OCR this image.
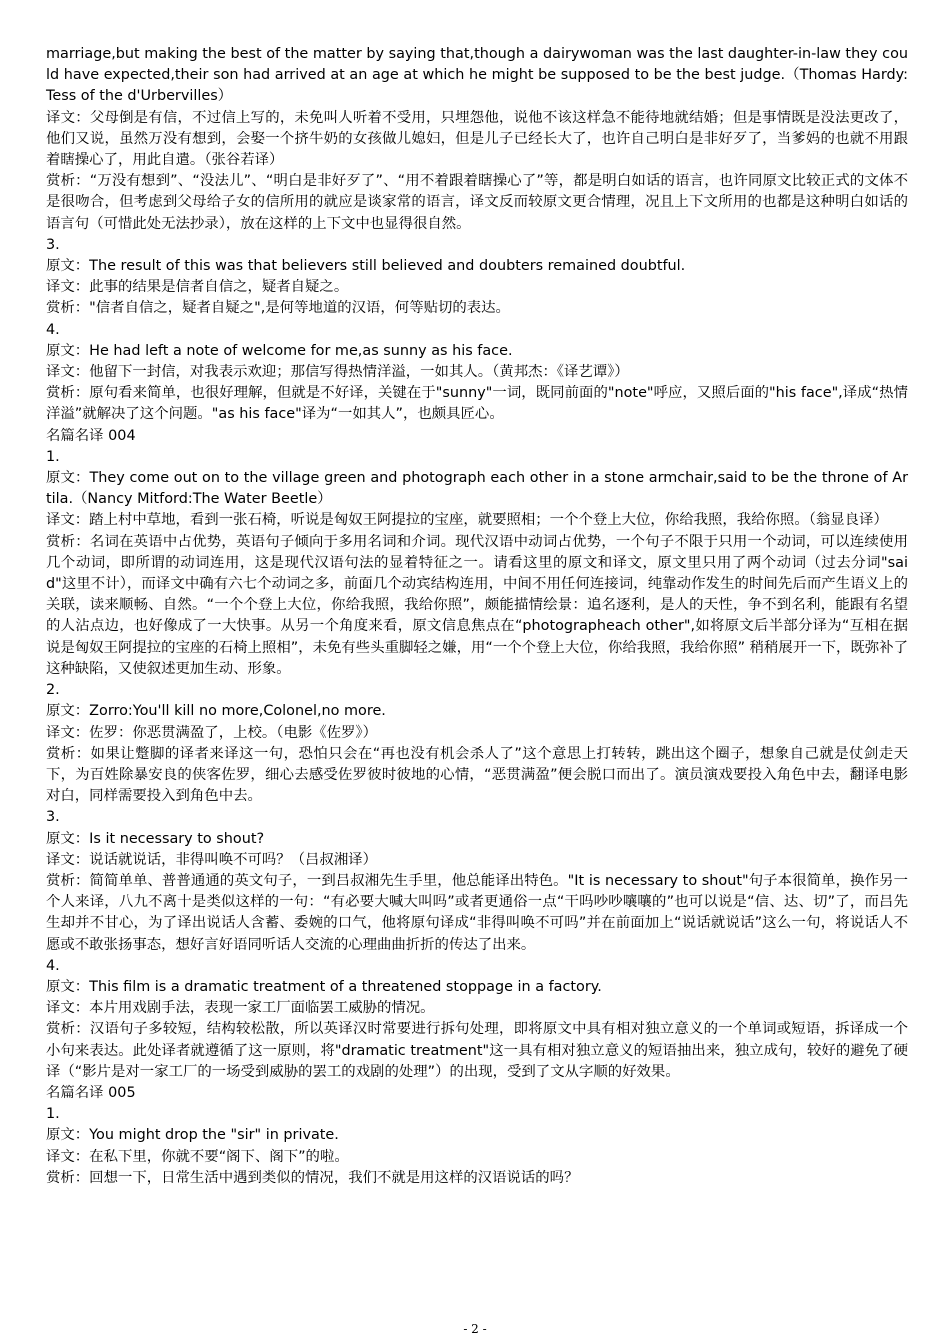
marriage,but making the best of the matter by saying that,though a dairywoman was the last daughter-in-law they could have expected,their son had arrived at an age at which he might be supposed to be the best judge.（Thomas Hardy:Tess of the d'Urbervilles）

译文：父母倒是有信，不过信上写的，未免叫人听着不受用，只埋怨他，说他不该这样急不能待地就结婚；但是事情既是没法更改了，他们又说，虽然万没有想到，会娶一个挤牛奶的女孩做儿媳妇，但是儿子已经长大了，也许自己明白是非好歹了，当爹妈的也就不用跟着瞎操心了，用此自遣。（张谷若译）

赏析：“万没有想到”、“没法儿”、“明白是非好歹了”、“用不着跟着瞎操心了”等，都是明白如话的语言，也许同原文比较正式的文体不是很吻合，但考虑到父母给子女的信所用的就应是谈家常的语言，译文反而较原文更合情理，况且上下文所用的也都是这种明白如话的语言句（可惜此处无法抄录），放在这样的上下文中也显得很自然。

3.

原文：The result of this was that believers still believed and doubters remained doubtful.

译文：此事的结果是信者自信之，疑者自疑之。

赏析："信者自信之，疑者自疑之",是何等地道的汉语，何等贴切的表达。

4.

原文：He had left a note of welcome for me,as sunny as his face.

译文：他留下一封信，对我表示欢迎；那信写得热情洋溢，一如其人。（黄邦杰：《译艺谭》）

赏析：原句看来简单，也很好理解，但就是不好译，关键在于"sunny"一词，既同前面的"note"呼应，又照后面的"his face",译成“热情洋溢”就解决了这个问题。"as his face"译为“一如其人”，也颇具匠心。

名篇名译 004

1.

原文：They come out on to the village green and photograph each other in a stone armchair,said to be the throne of Artila.（Nancy Mitford:The Water Beetle）

译文：踏上村中草地，看到一张石椅，听说是匈奴王阿提拉的宝座，就要照相；一个个登上大位，你给我照，我给你照。（翁显良译）

赏析：名词在英语中占优势，英语句子倾向于多用名词和介词。现代汉语中动词占优势，一个句子不限于只用一个动词，可以连续使用几个动词，即所谓的动词连用，这是现代汉语句法的显着特征之一。请看这里的原文和译文，原文里只用了两个动词（过去分词"said"这里不计），而译文中确有六七个动词之多，前面几个动宾结构连用，中间不用任何连接词，纯靠动作发生的时间先后而产生语义上的关联，读来顺畅、自然。“一个个登上大位，你给我照，我给你照”，颇能描情绘景：追名逐利，是人的天性，争不到名利，能跟有名望的人沾点边，也好像成了一大快事。从另一个角度来看，原文信息焦点在“photographeach other",如将原文后半部分译为“互相在据说是匈奴王阿提拉的宝座的石椅上照相”，未免有些头重脚轻之嫌，用“一个个登上大位，你给我照，我给你照” 稍稍展开一下，既弥补了这种缺陷，又使叙述更加生动、形象。

2.

原文：Zorro:You'll kill no more,Colonel,no more.

译文：佐罗：你恶贯满盈了，上校。（电影《佐罗》）

赏析：如果让蹩脚的译者来译这一句，恐怕只会在“再也没有机会杀人了”这个意思上打转转，跳出这个圈子，想象自己就是仗剑走天下，为百姓除暴安良的侠客佐罗，细心去感受佐罗彼时彼地的心情，“恶贯满盈”便会脱口而出了。演员演戏要投入角色中去，翻译电影对白，同样需要投入到角色中去。

3.

原文：Is it necessary to shout?

译文：说话就说话，非得叫唤不可吗？（吕叔湘译）

赏析：简简单单、普普通通的英文句子，一到吕叔湘先生手里，他总能译出特色。"It is necessary to shout"句子本很简单，换作另一个人来译，八九不离十是类似这样的一句：“有必要大喊大叫吗”或者更通俗一点“干吗吵吵嚷嚷的”也可以说是“信、达、切”了，而吕先生却并不甘心，为了译出说话人含蓄、委婉的口气，他将原句译成“非得叫唤不可吗”并在前面加上“说话就说话”这么一句，将说话人不愿或不敢张扬事态，想好言好语同听话人交流的心理曲曲折折的传达了出来。

4.

原文：This film is a dramatic treatment of a threatened stoppage in a factory.

译文：本片用戏剧手法，表现一家工厂面临罢工威胁的情况。

赏析：汉语句子多较短，结构较松散，所以英译汉时常要进行拆句处理，即将原文中具有相对独立意义的一个单词或短语，拆译成一个小句来表达。此处译者就遵循了这一原则，将"dramatic treatment"这一具有相对独立意义的短语抽出来，独立成句，较好的避免了硬译（“影片是对一家工厂的一场受到威胁的罢工的戏剧的处理”）的出现，受到了文从字顺的好效果。

名篇名译 005

1.

原文：You might drop the "sir" in private.

译文：在私下里，你就不要“阁下、阁下”的啦。

赏析：回想一下，日常生活中遇到类似的情况，我们不就是用这样的汉语说话的吗？

- 2 -
